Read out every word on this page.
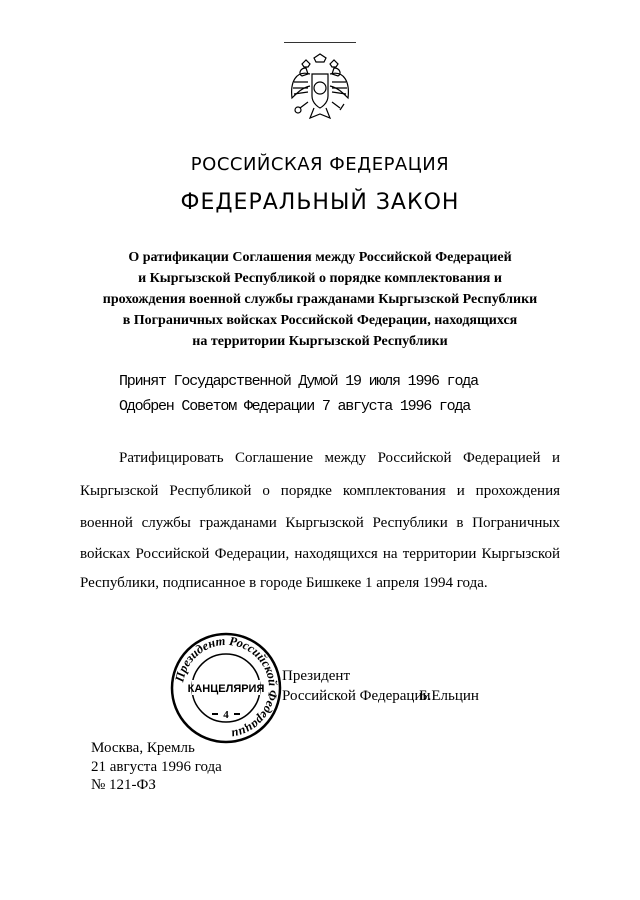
РОССИЙСКАЯ ФЕДЕРАЦИЯ
ФЕДЕРАЛЬНЫЙ ЗАКОН
О ратификации Соглашения между Российской Федерацией
и Кыргызской Республикой о порядке комплектования и
прохождения военной службы гражданами Кыргызской Республики
в Пограничных войсках Российской Федерации, находящихся
на территории Кыргызской Республики
Принят Государственной Думой 19 июля 1996 года
Одобрен Советом Федерации 7 августа 1996 года
Ратифицировать Соглашение между Российской Федерацией и
Кыргызской Республикой о порядке комплектования и прохождения
военной службы гражданами Кыргызской Республики в Пограничных
войсках Российской Федерации, находящихся на территории Кыргызской
Республики, подписанное в городе Бишкеке 1 апреля 1994 года.
Президент
Российской Федерации
Б.Ельцин
Президент Российской Федерации
КАНЦЕЛЯРИЯ
4
Москва, Кремль
21 августа 1996 года
№ 121-ФЗ
